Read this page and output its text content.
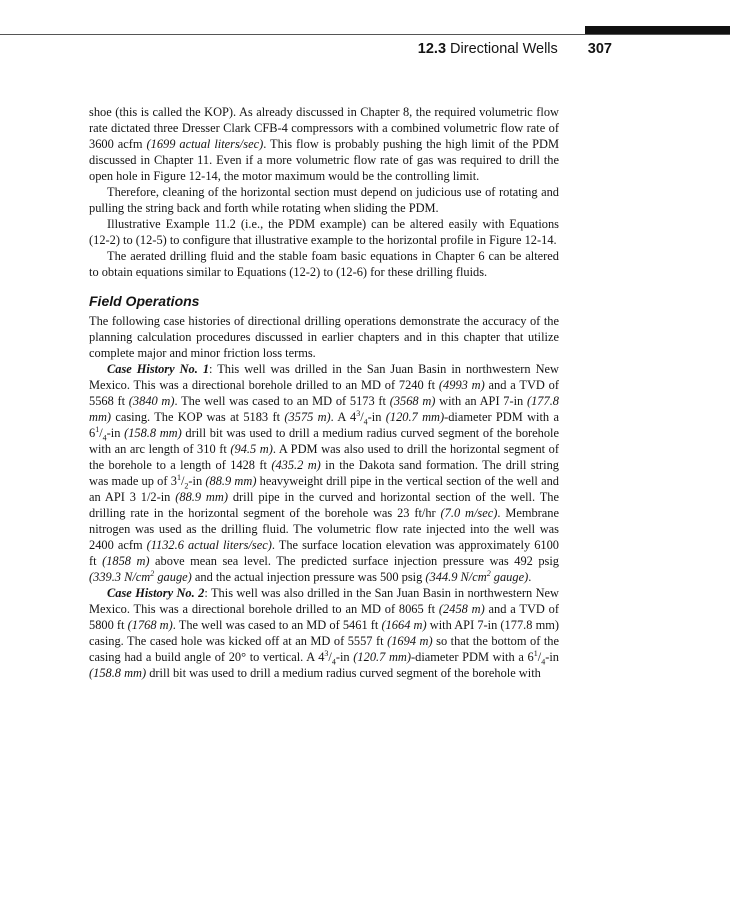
12.3 Directional Wells 307

shoe (this is called the KOP). As already discussed in Chapter 8, the required volumetric flow rate dictated three Dresser Clark CFB-4 compressors with a combined volumetric flow rate of 3600 acfm (1699 actual liters/sec). This flow is probably pushing the high limit of the PDM discussed in Chapter 11. Even if a more volumetric flow rate of gas was required to drill the open hole in Figure 12-14, the motor maximum would be the controlling limit.

Therefore, cleaning of the horizontal section must depend on judicious use of rotating and pulling the string back and forth while rotating when sliding the PDM.

Illustrative Example 11.2 (i.e., the PDM example) can be altered easily with Equations (12-2) to (12-5) to configure that illustrative example to the horizontal profile in Figure 12-14.

The aerated drilling fluid and the stable foam basic equations in Chapter 6 can be altered to obtain equations similar to Equations (12-2) to (12-6) for these drilling fluids.

Field Operations

The following case histories of directional drilling operations demonstrate the accuracy of the planning calculation procedures discussed in earlier chapters and in this chapter that utilize complete major and minor friction loss terms.

Case History No. 1: This well was drilled in the San Juan Basin in northwestern New Mexico. This was a directional borehole drilled to an MD of 7240 ft (4993 m) and a TVD of 5568 ft (3840 m). The well was cased to an MD of 5173 ft (3568 m) with an API 7-in (177.8 mm) casing. The KOP was at 5183 ft (3575 m). A $4^3/_4-in$ (120.7 mm)-diameter PDM with a $6^1/_4-in$ (158.8 mm) drill bit was used to drill a medium radius curved segment of the borehole with an arc length of 310 ft (94.5 m). A PDM was also used to drill the horizontal segment of the borehole to a length of 1428 ft (435.2 m) in the Dakota sand formation. The drill string was made up of $3^1/_2-in$ (88.9 mm) heavyweight drill pipe in the vertical section of the well and an API 3 1/2-in (88.9 mm) drill pipe in the curved and horizontal section of the well. The drilling rate in the horizontal segment of the borehole was 23 ft/hr (7.0 m/sec). Membrane nitrogen was used as the drilling fluid. The volumetric flow rate injected into the well was 2400 acfm (1132.6 actual liters/sec). The surface location elevation was approximately 6100 ft (1858 m) above mean sea level. The predicted surface injection pressure was 492 psig (339.3 $N/cm^2$ gauge) and the actual injection pressure was 500 psig (344.9 $N/cm^2$ gauge).

Case History No. 2: This well was also drilled in the San Juan Basin in northwestern New Mexico. This was a directional borehole drilled to an MD of 8065 ft (2458 m) and a TVD of 5800 ft (1768 m). The well was cased to an MD of 5461 ft (1664 m) with API 7-in (177.8 mm) casing. The cased hole was kicked off at an MD of 5557 ft (1694 m) so that the bottom of the casing had a build angle of 20° to vertical. A $4^3/_4-in$ (120.7 mm)-diameter PDM with a $6^1/_4-in$ (158.8 mm) drill bit was used to drill a medium radius curved segment of the borehole with
